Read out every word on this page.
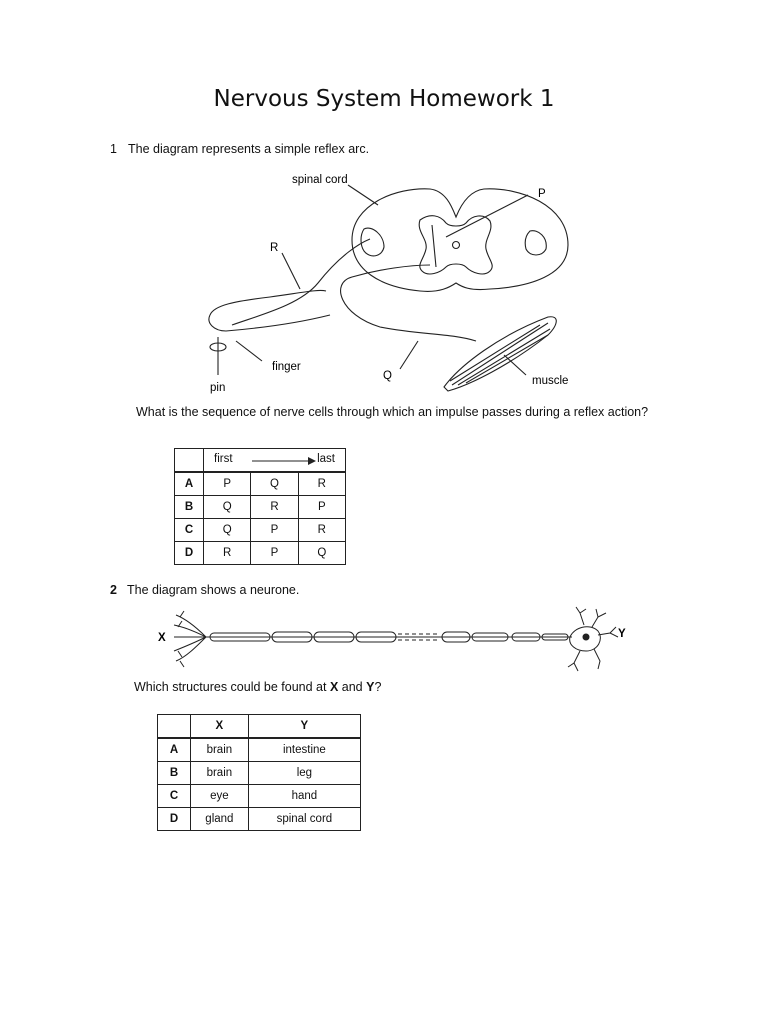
Nervous System Homework 1
1 The diagram represents a simple reflex arc.
spinal cord
P
R
finger
pin
Q	muscle
What is the sequence of nerve cells through which an impulse passes during a reflex action?

	first last		

A	P	Q	R
B	Q	R	P
C	Q	P	R
D	R	P	Q
2 The diagram shows a neurone.
X	Y
Which structures could be found at X and Y?
	X	Y
A	brain	intestine
B	brain	leg
C	eye	hand
D	gland	spinal cord
